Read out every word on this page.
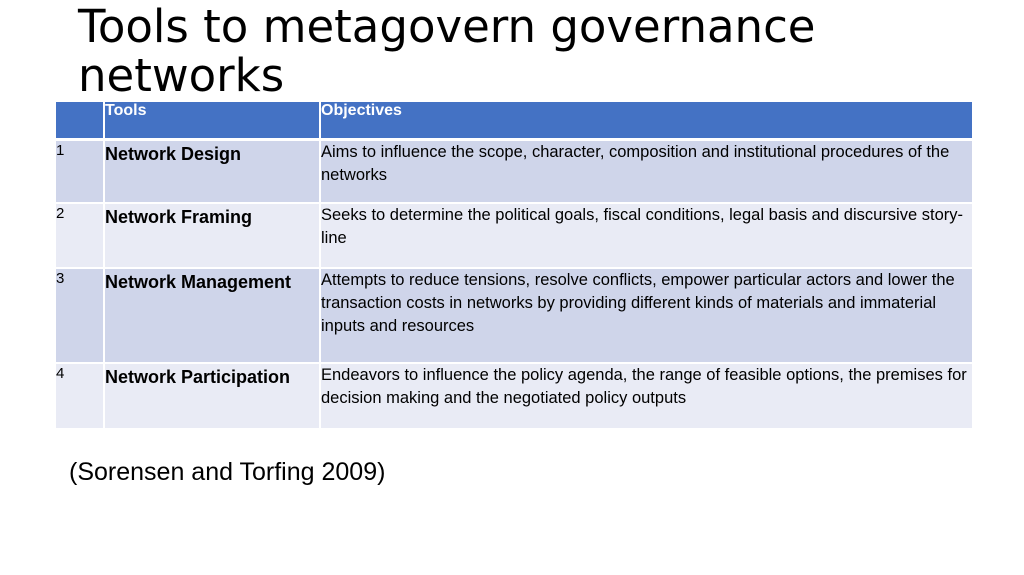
Tools to metagovern governance networks
	Tools	Objectives
1	Network Design	Aims to influence the scope, character, composition and institutional procedures of the networks
2	Network Framing	Seeks to determine the political goals, fiscal conditions, legal basis and discursive story-line
3	Network Management	Attempts to reduce tensions, resolve conflicts, empower particular actors and lower the transaction costs in networks by providing different kinds of materials and immaterial inputs and resources
4	Network Participation	Endeavors to influence the policy agenda, the range of feasible options, the premises for decision making and the negotiated policy outputs
(Sorensen and Torfing 2009)
